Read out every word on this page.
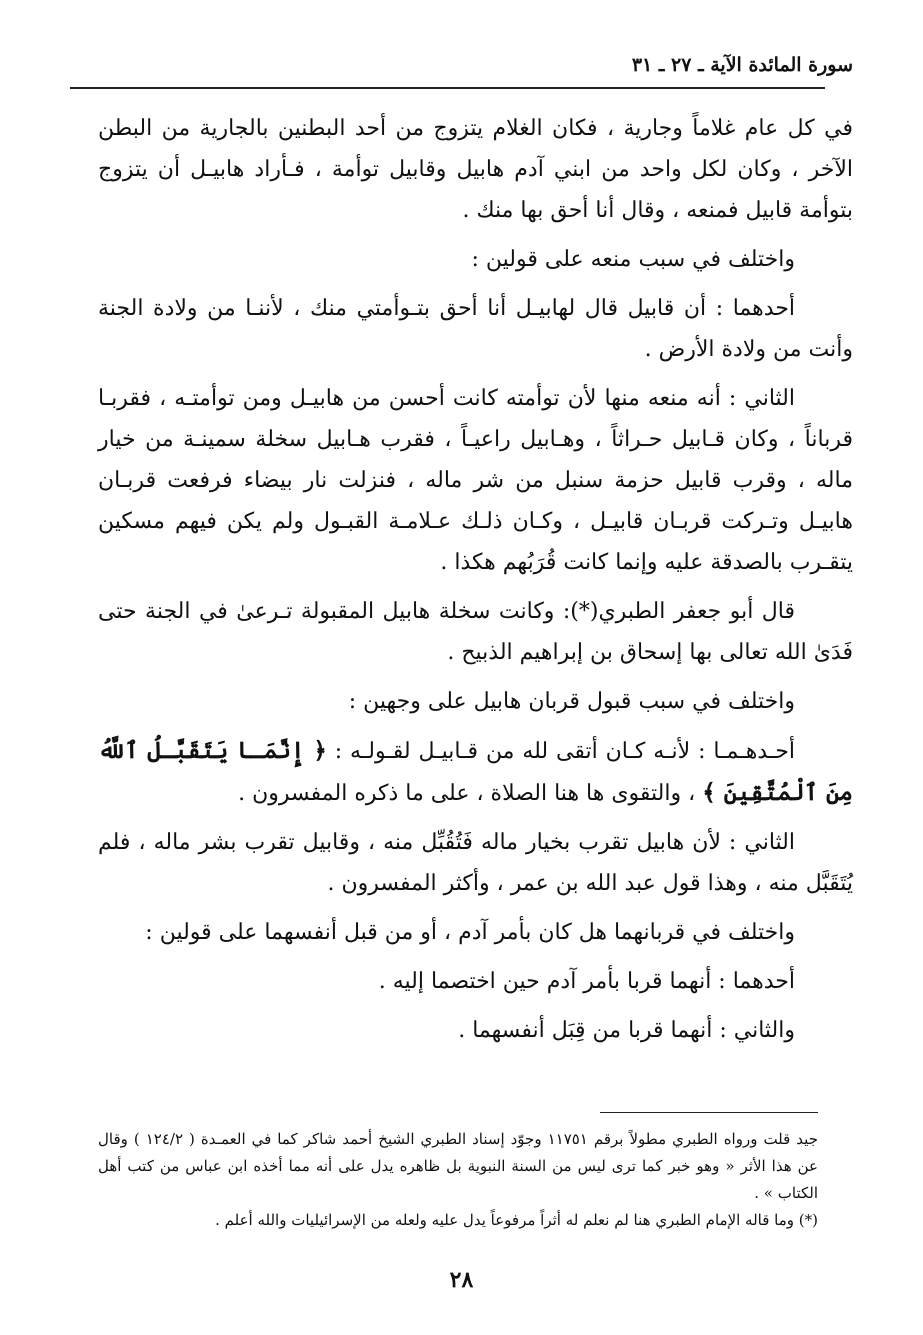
سورة المائدة الآية ـ ٢٧ ـ ٣١

في كل عام غلاماً وجارية ، فكان الغلام يتزوج من أحد البطنين بالجارية من البطن الآخر ، وكان لكل واحد من ابني آدم هابيل وقابيل توأمة ، فـأراد هابيـل أن يتزوج بتوأمة قابيل فمنعه ، وقال أنا أحق بها منك .

واختلف في سبب منعه على قولين :

أحدهما : أن قابيل قال لهابيـل أنا أحق بتـوأمتي منك ، لأننـا من ولادة الجنة وأنت من ولادة الأرض .

الثاني : أنه منعه منها لأن توأمته كانت أحسن من هابيـل ومن توأمتـه ، فقربـا قرباناً ، وكان قـابيل حـراثاً ، وهـابيل راعيـاً ، فقرب هـابيل سخلة سمينـة من خيار ماله ، وقرب قابيل حزمة سنبل من شر ماله ، فنزلت نار بيضاء فرفعت قربـان هابيـل وتـركت قربـان قابيـل ، وكـان ذلـك عـلامـة القبـول ولم يكن فيهم مسكين يتقـرب بالصدقة عليه وإنما كانت قُرَبُهم هكذا .

قال أبو جعفر الطبري(*): وكانت سخلة هابيل المقبولة تـرعىٰ في الجنة حتى فَدَىٰ الله تعالى بها إسحاق بن إبراهيم الذبيح .

واختلف في سبب قبول قربان هابيل على وجهين :

أحـدهـمـا : لأنـه كـان أتقى لله من قـابيـل لقـولـه : ﴿ إِنَّمَـا يَتَقَبَّـلُ ٱللَّهُ مِنَ ٱلْمُتَّقِينَ ﴾ ، والتقوى ها هنا الصلاة ، على ما ذكره المفسرون .

الثاني : لأن هابيل تقرب بخيار ماله فَتُقُبِّل منه ، وقابيل تقرب بشر ماله ، فلم يُتَقَبَّل منه ، وهذا قول عبد الله بن عمر ، وأكثر المفسرون .

واختلف في قربانهما هل كان بأمر آدم ، أو من قبل أنفسهما على قولين :

أحدهما : أنهما قربا بأمر آدم حين اختصما إليه .

والثاني : أنهما قربا من قِبَل أنفسهما .

جيد قلت ورواه الطبري مطولاً برقم ١١٧٥١ وجوّد إسناد الطبري الشيخ أحمد شاكر كما في العمـدة ( ١٢٤/٢ ) وقال عن هذا الأثر « وهو خبر كما ترى ليس من السنة النبوية بل ظاهره يدل على أنه مما أخذه ابن عباس من كتب أهل الكتاب » .

(*) وما قاله الإمام الطبري هنا لم نعلم له أثراً مرفوعاً يدل عليه ولعله من الإسرائيليات والله أعلم .

٢٨
